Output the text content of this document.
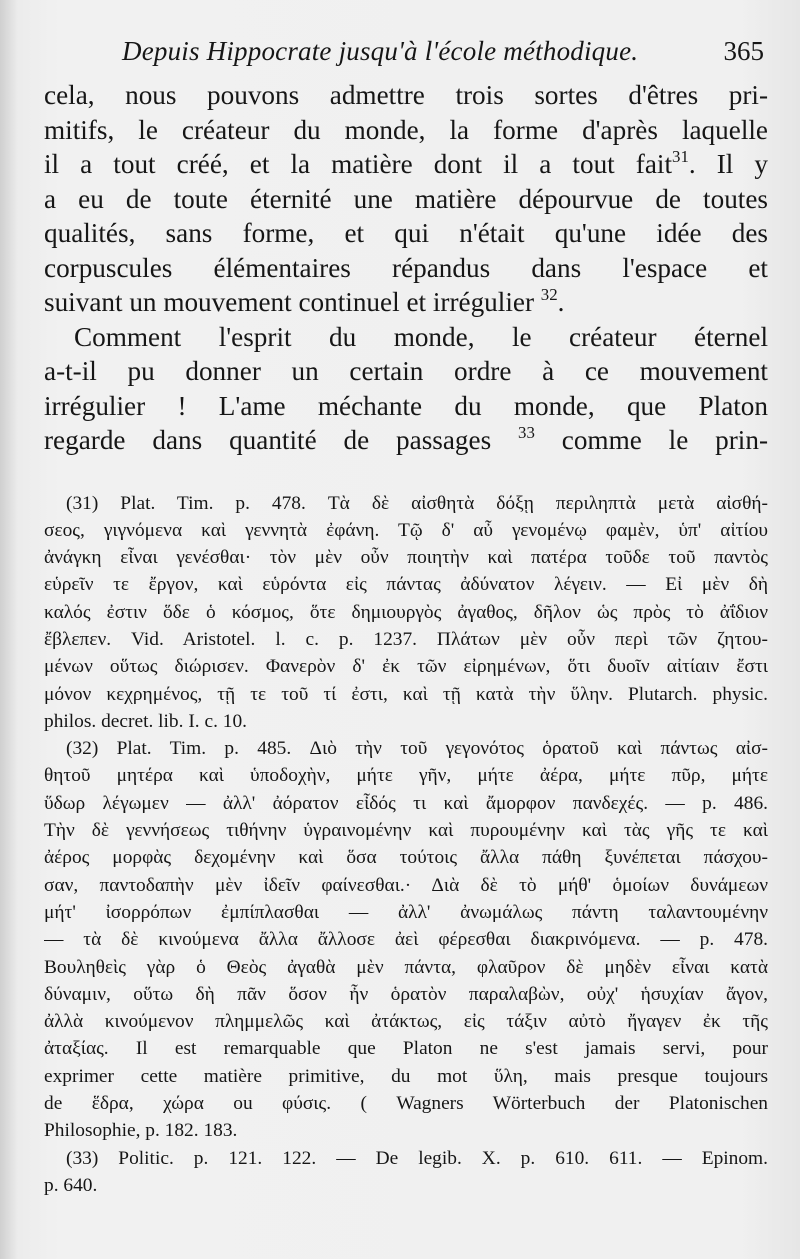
Depuis Hippocrate jusqu'à l'école méthodique.	365
cela, nous pouvons admettre trois sortes d'êtres pri-
mitifs, le créateur du monde, la forme d'après laquelle
il a tout créé, et la matière dont il a tout fait$^{31}$. Il y
a eu de toute éternité une matière dépourvue de toutes
qualités, sans forme, et qui n'était qu'une idée des
corpuscules élémentaires répandus dans l'espace et
suivant un mouvement continuel et irrégulier $^{32}$.
Comment l'esprit du monde, le créateur éternel
a-t-il pu donner un certain ordre à ce mouvement
irrégulier ! L'ame méchante du monde, que Platon
regarde dans quantité de passages $^{33}$ comme le prin-
(31) Plat. Tim. p. 478. Τὰ δὲ αἰσθητὰ δόξῃ περιληπτὰ μετὰ αἰσθή-
σεος, γιγνόμενα καὶ γεννητὰ ἐφάνη. Τῷ δ' αὖ γενομένῳ φαμὲν, ὑπ' αἰτίου
ἀνάγκη εἶναι γενέσθαι· τὸν μὲν οὖν ποιητὴν καὶ πατέρα τοῦδε τοῦ παντὸς
εὑρεῖν τε ἔργον, καὶ εὑρόντα εἰς πάντας ἀδύνατον λέγειν. — Εἰ μὲν δὴ
καλός ἐστιν ὅδε ὁ κόσμος, ὅτε δημιουργὸς ἀγαθος, δῆλον ὡς πρὸς τὸ ἀΐδιον
ἔβλεπεν. Vid. Aristotel. l. c. p. 1237. Πλάτων μὲν οὖν περὶ τῶν ζητου-
μένων οὕτως διώρισεν. Φανερὸν δ' ἐκ τῶν εἰρημένων, ὅτι δυοῖν αἰτίαιν ἔστι
μόνον κεχρημένος, τῇ τε τοῦ τί ἐστι, καὶ τῇ κατὰ τὴν ὕλην. Plutarch. physic.
philos. decret. lib. I. c. 10.
(32) Plat. Tim. p. 485. Διὸ τὴν τοῦ γεγονότος ὁρατοῦ καὶ πάντως αἰσ-
θητοῦ μητέρα καὶ ὑποδοχὴν, μήτε γῆν, μήτε ἀέρα, μήτε πῦρ, μήτε
ὕδωρ λέγωμεν — ἀλλ' ἀόρατον εἶδός τι καὶ ἄμορφον πανδεχές. — p. 486.
Τὴν δὲ γεννήσεως τιθήνην ὑγραινομένην καὶ πυρουμένην καὶ τὰς γῆς τε καὶ
ἀέρος μορφὰς δεχομένην καὶ ὅσα τούτοις ἄλλα πάθη ξυνέπεται πάσχου-
σαν, παντοδαπὴν μὲν ἰδεῖν φαίνεσθαι.· Διὰ δὲ τὸ μήθ' ὁμοίων δυνάμεων
μήτ' ἰσορρόπων ἐμπίπλασθαι — ἀλλ' ἀνωμάλως πάντη ταλαντουμένην
— τὰ δὲ κινούμενα ἄλλα ἄλλοσε ἀεὶ φέρεσθαι διακρινόμενα. — p. 478.
Βουληθεὶς γὰρ ὁ Θεὸς ἀγαθὰ μὲν πάντα, φλαῦρον δὲ μηδὲν εἶναι κατὰ
δύναμιν, οὕτω δὴ πᾶν ὅσον ἦν ὁρατὸν παραλαβὼν, οὐχ' ἡσυχίαν ἄγον,
ἀλλὰ κινούμενον πλημμελῶς καὶ ἀτάκτως, εἰς τάξιν αὐτὸ ἤγαγεν ἐκ τῆς
ἀταξίας. Il est remarquable que Platon ne s'est jamais servi, pour
exprimer cette matière primitive, du mot ὕλη, mais presque toujours
de ἕδρα, χώρα ou φύσις. ( Wagners Wörterbuch der Platonischen
Philosophie, p. 182. 183.
(33) Politic. p. 121. 122. — De legib. X. p. 610. 611. — Epinom.
p. 640.
